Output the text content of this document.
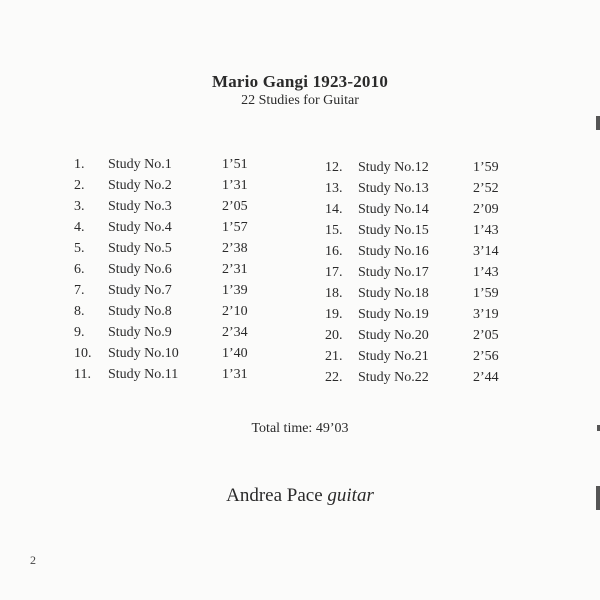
Mario Gangi 1923-2010
22 Studies for Guitar
1. Study No.1	1’51
2. Study No.2	1’31
3. Study No.3	2’05
4. Study No.4	1’57
5. Study No.5	2’38
6. Study No.6	2’31
7. Study No.7	1’39
8. Study No.8	2’10
9. Study No.9	2’34
10. Study No.10	1’40
11. Study No.11	1’31
12. Study No.12	1’59
13. Study No.13	2’52
14. Study No.14	2’09
15. Study No.15	1’43
16. Study No.16	3’14
17. Study No.17	1’43
18. Study No.18	1’59
19. Study No.19	3’19
20. Study No.20	2’05
21. Study No.21	2’56
22. Study No.22	2’44
Total time: 49’03
Andrea Pace guitar
2
